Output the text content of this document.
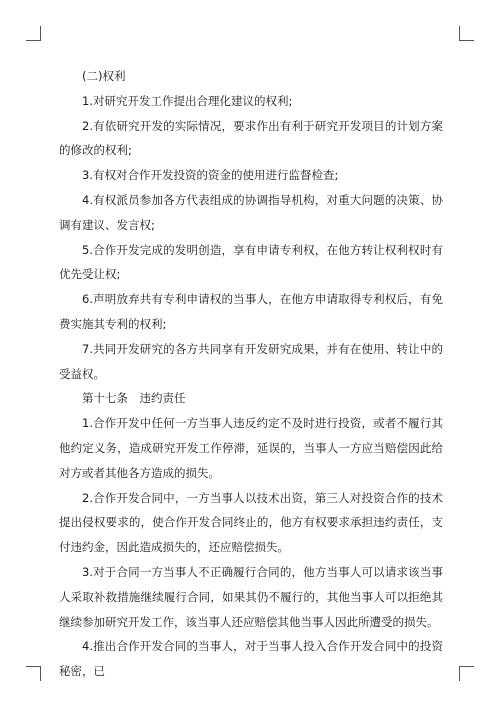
(二)权利

1.对研究开发工作提出合理化建议的权利;

2.有依研究开发的实际情况，要求作出有利于研究开发项目的计划方案的修改的权利;

3.有权对合作开发投资的资金的使用进行监督检查;

4.有权派员参加各方代表组成的协调指导机构，对重大问题的决策、协调有建议、发言权;

5.合作开发完成的发明创造，享有申请专利权，在他方转让权利权时有优先受让权;

6.声明放弃共有专利申请权的当事人，在他方申请取得专利权后，有免费实施其专利的权利;

7.共同开发研究的各方共同享有开发研究成果，并有在使用、转让中的受益权。

第十七条　违约责任

1.合作开发中任何一方当事人违反约定不及时进行投资，或者不履行其他约定义务，造成研究开发工作停滞，延误的，当事人一方应当赔偿因此给对方或者其他各方造成的损失。

2.合作开发合同中，一方当事人以技术出资，第三人对投资合作的技术提出侵权要求的，使合作开发合同终止的，他方有权要求承担违约责任，支付违约金，因此造成损失的，还应赔偿损失。

3.对于合同一方当事人不正确履行合同的，他方当事人可以请求该当事人采取补救措施继续履行合同，如果其仍不履行的，其他当事人可以拒绝其继续参加研究开发工作，该当事人还应赔偿其他当事人因此所遭受的损失。

4.推出合作开发合同的当事人，对于当事人投入合作开发合同中的投资秘密，已
